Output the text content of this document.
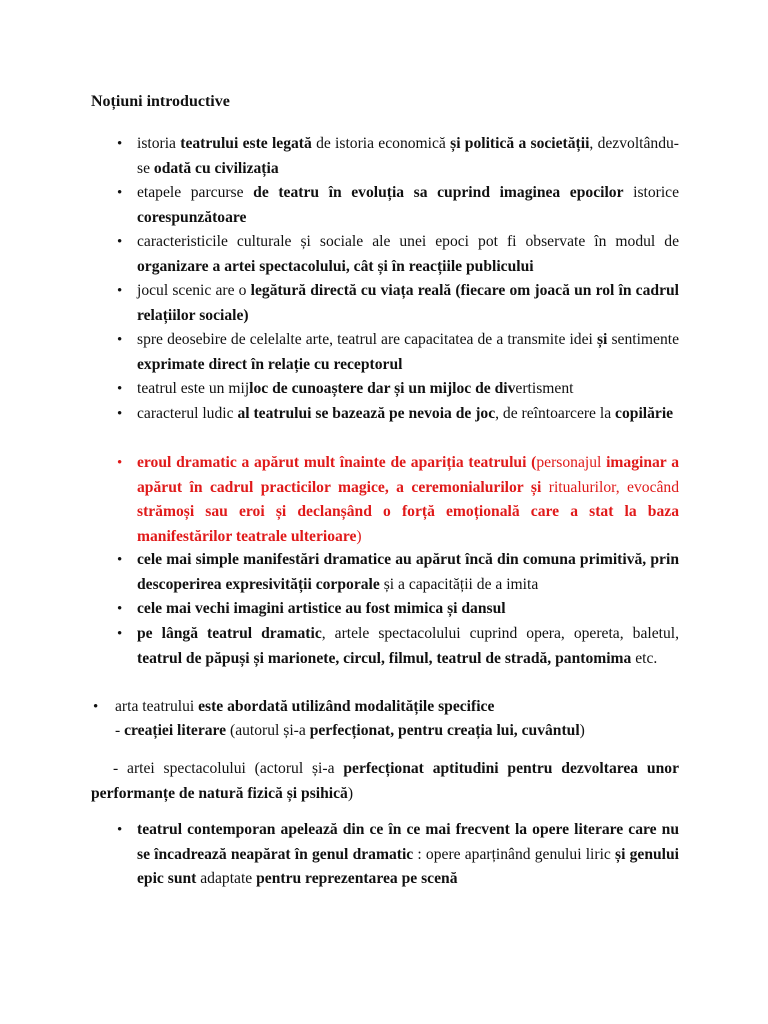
Noțiuni introductive

• istoria teatrului este legată de istoria economică și politică a societății, dezvoltându-se odată cu civilizația

• etapele parcurse de teatru în evoluția sa cuprind imaginea epocilor istorice corespunzătoare

• caracteristicile culturale și sociale ale unei epoci pot fi observate în modul de organizare a artei spectacolului, cât și în reacțiile publicului

• jocul scenic are o legătură directă cu viața reală (fiecare om joacă un rol în cadrul relațiilor sociale)

• spre deosebire de celelalte arte, teatrul are capacitatea de a transmite idei și sentimente exprimate direct în relație cu receptorul

• teatrul este un mijloc de cunoaștere dar și un mijloc de divertisment

• caracterul ludic al teatrului se bazează pe nevoia de joc, de reîntoarcere la copilărie

• eroul dramatic a apărut mult înainte de apariția teatrului (personajul imaginar a apărut în cadrul practicilor magice, a ceremonialurilor și ritualurilor, evocând strămoși sau eroi și declanșând o forță emoțională care a stat la baza manifestărilor teatrale ulterioare)

• cele mai simple manifestări dramatice au apărut încă din comuna primitivă, prin descoperirea expresivității corporale și a capacității de a imita

• cele mai vechi imagini artistice au fost mimica și dansul

• pe lângă teatrul dramatic, artele spectacolului cuprind opera, opereta, baletul, teatrul de păpuși și marionete, circul, filmul, teatrul de stradă, pantomima etc.

• arta teatrului este abordată utilizând modalitățile specifice

- creației literare (autorul și-a perfecționat, pentru creația lui, cuvântul)

- artei spectacolului (actorul și-a perfecționat aptitudini pentru dezvoltarea unor performanțe de natură fizică și psihică)

• teatrul contemporan apelează din ce în ce mai frecvent la opere literare care nu se încadrează neapărat în genul dramatic : opere aparținând genului liric și genului epic sunt adaptate pentru reprezentarea pe scenă
